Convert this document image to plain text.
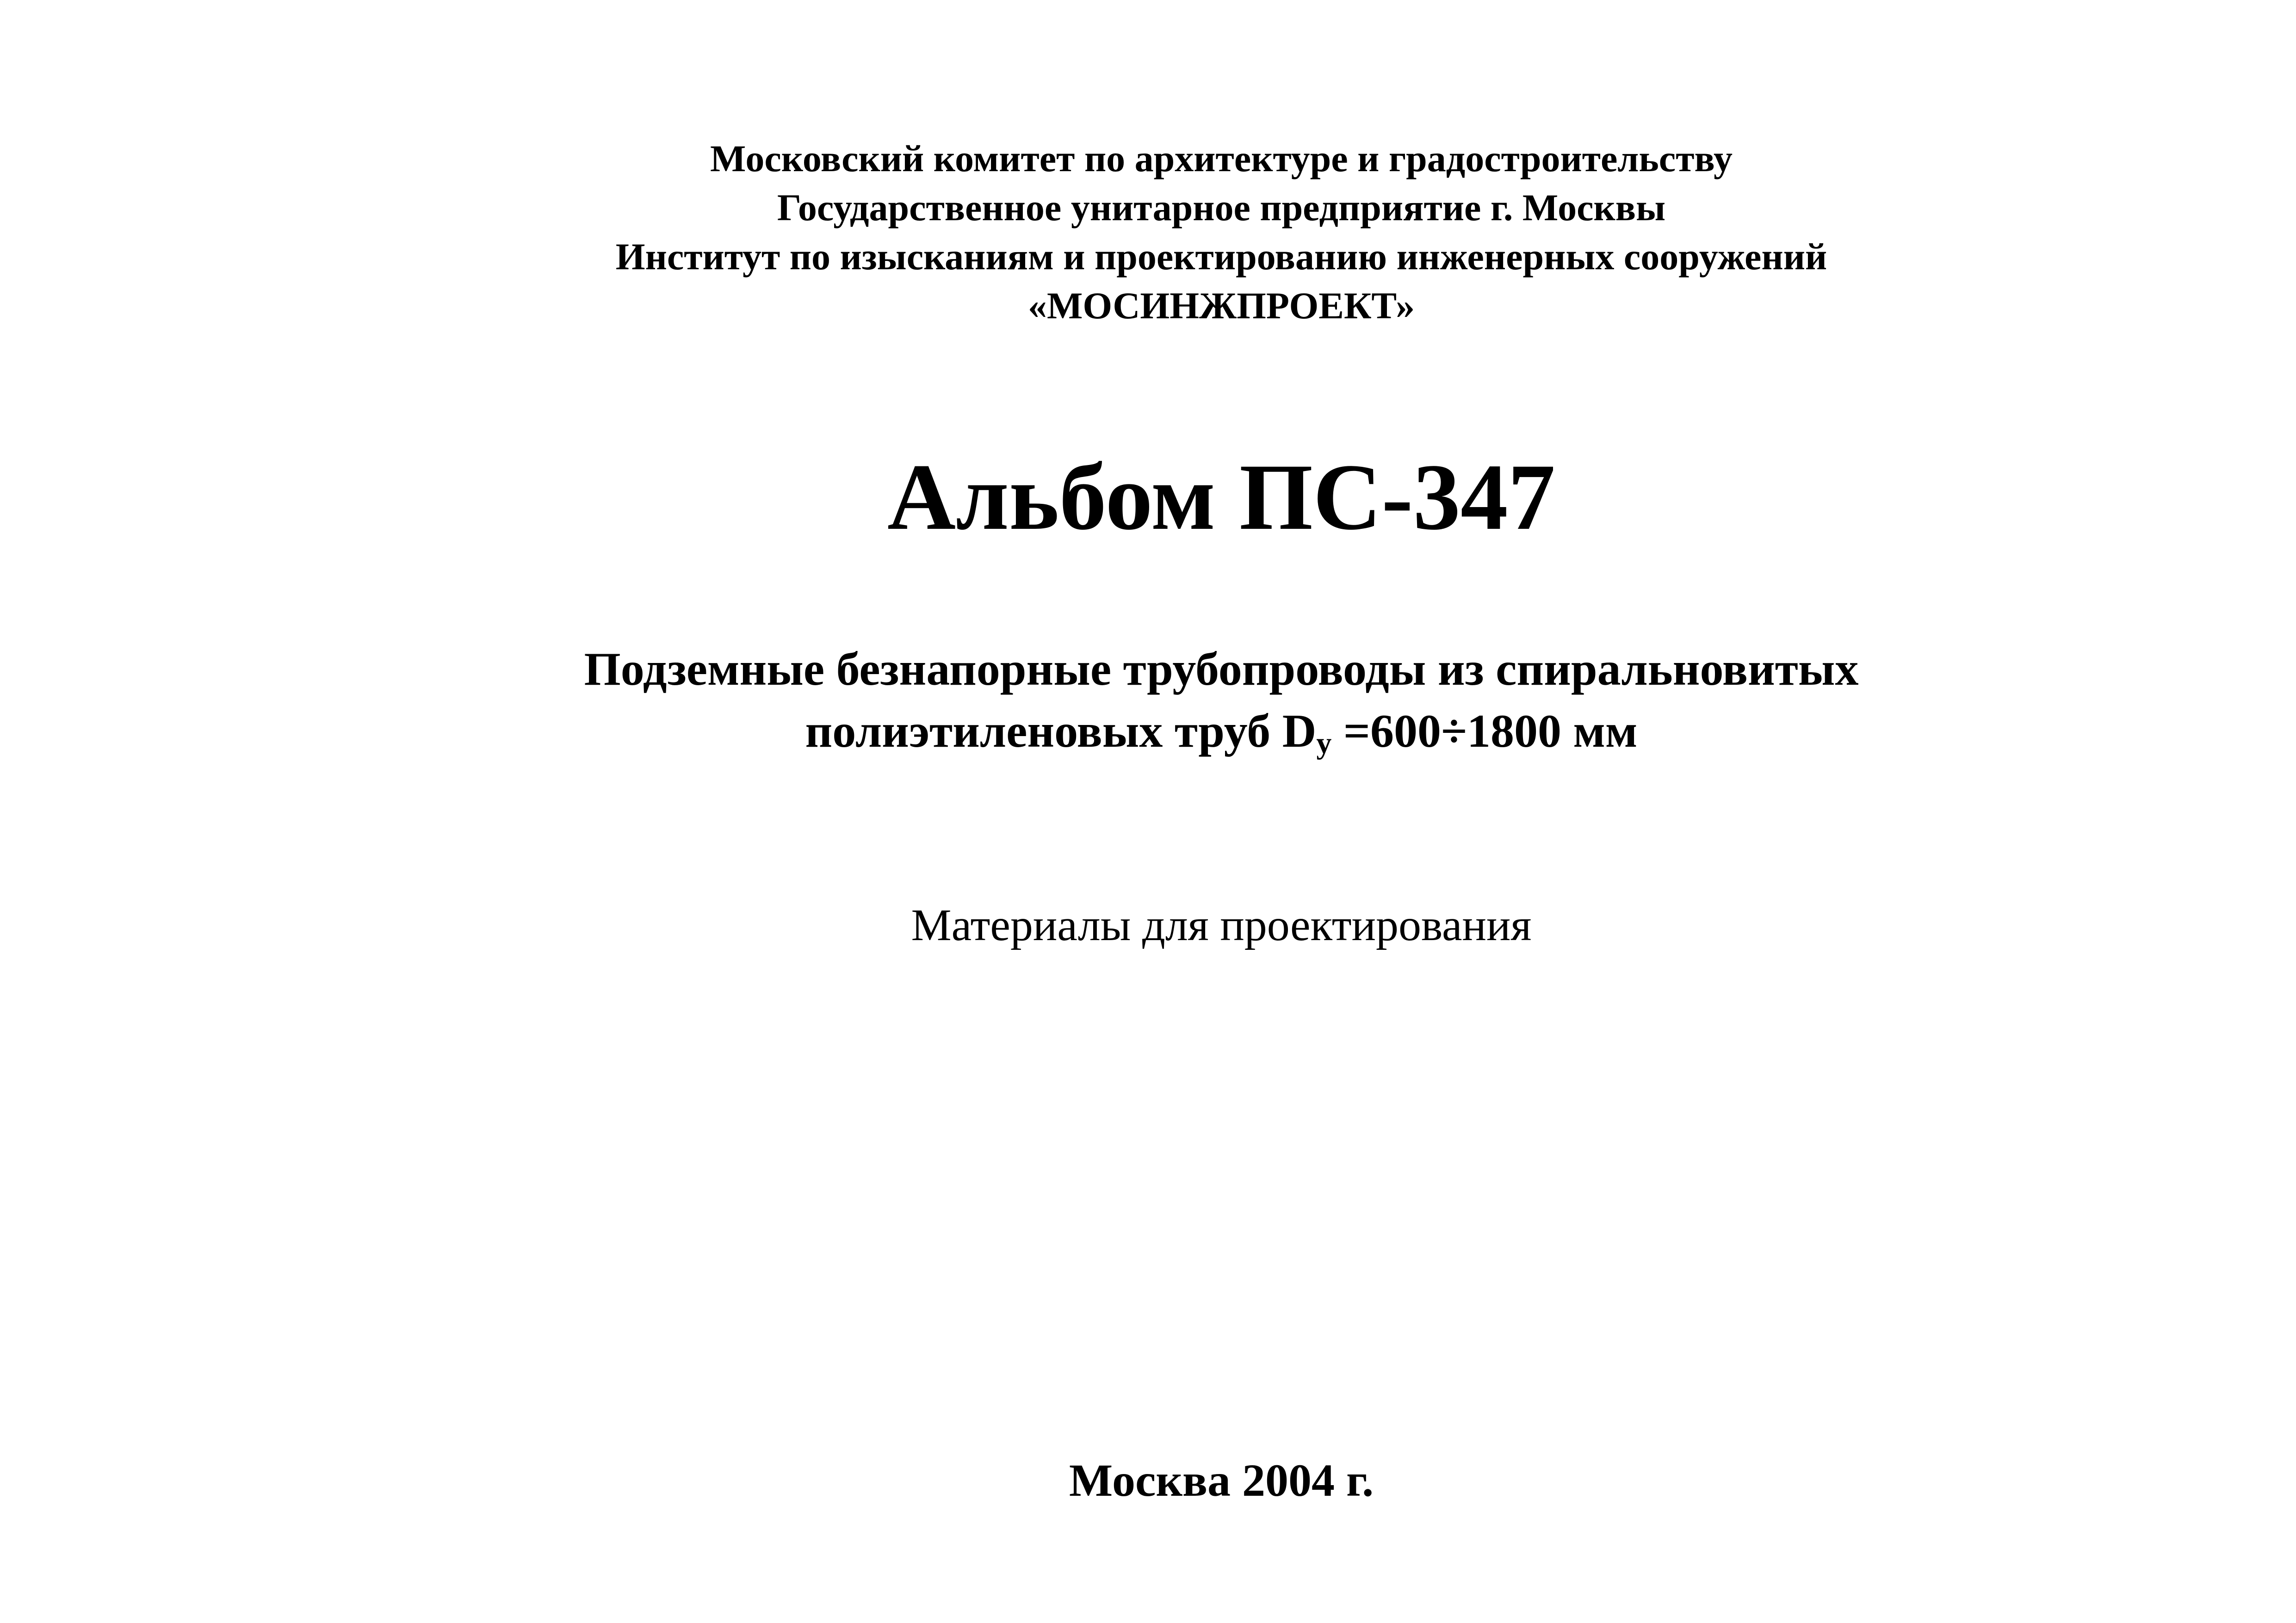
Московский комитет по архитектуре и градостроительству
Государственное унитарное предприятие г. Москвы
Институт по изысканиям и проектированию инженерных сооружений
«МОСИНЖПРОЕКТ»
Альбом ПС-347
Подземные безнапорные трубопроводы из спиральновитых
полиэтиленовых труб $D_у =600\div 1800$ мм
Материалы для проектирования
Москва 2004 г.
